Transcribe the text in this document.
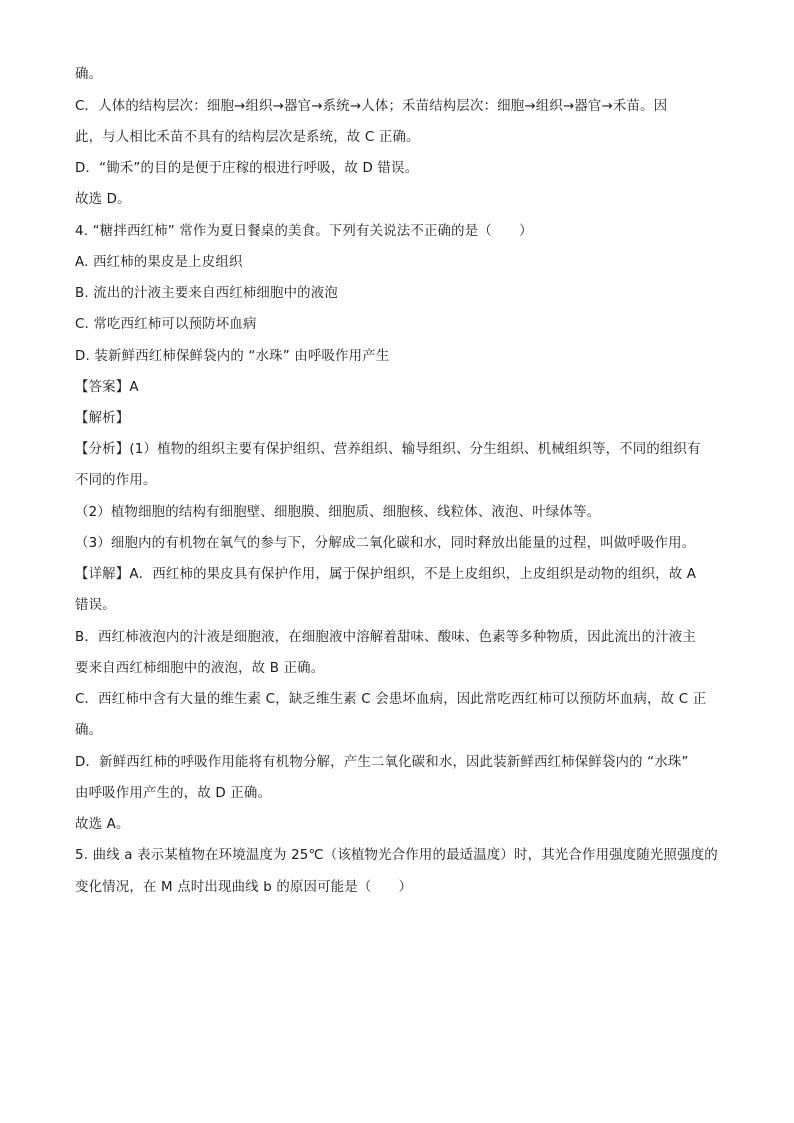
确。
C．人体的结构层次：细胞→组织→器官→系统→人体；禾苗结构层次：细胞→组织→器官→禾苗。因
此，与人相比禾苗不具有的结构层次是系统，故 C 正确。
D．“锄禾”的目的是便于庄稼的根进行呼吸，故 D 错误。
故选 D。
4. “糖拌西红柿” 常作为夏日餐桌的美食。下列有关说法不正确的是（　　）
A. 西红柿的果皮是上皮组织
B. 流出的汁液主要来自西红柿细胞中的液泡
C. 常吃西红柿可以预防坏血病
D. 装新鲜西红柿保鲜袋内的 “水珠” 由呼吸作用产生
【答案】A
【解析】
【分析】(1）植物的组织主要有保护组织、营养组织、输导组织、分生组织、机械组织等，不同的组织有
不同的作用。
（2）植物细胞的结构有细胞壁、细胞膜、细胞质、细胞核、线粒体、液泡、叶绿体等。
（3）细胞内的有机物在氧气的参与下，分解成二氧化碳和水，同时释放出能量的过程，叫做呼吸作用。
【详解】A．西红柿的果皮具有保护作用，属于保护组织，不是上皮组织，上皮组织是动物的组织，故 A
错误。
B．西红柿液泡内的汁液是细胞液，在细胞液中溶解着甜味、酸味、色素等多种物质，因此流出的汁液主
要来自西红柿细胞中的液泡，故 B 正确。
C．西红柿中含有大量的维生素 C，缺乏维生素 C 会患坏血病，因此常吃西红柿可以预防坏血病，故 C 正
确。
D．新鲜西红柿的呼吸作用能将有机物分解，产生二氧化碳和水，因此装新鲜西红柿保鲜袋内的 “水珠”
由呼吸作用产生的，故 D 正确。
故选 A。
5. 曲线 a 表示某植物在环境温度为 25℃（该植物光合作用的最适温度）时，其光合作用强度随光照强度的
变化情况，在 M 点时出现曲线 b 的原因可能是（　　）
